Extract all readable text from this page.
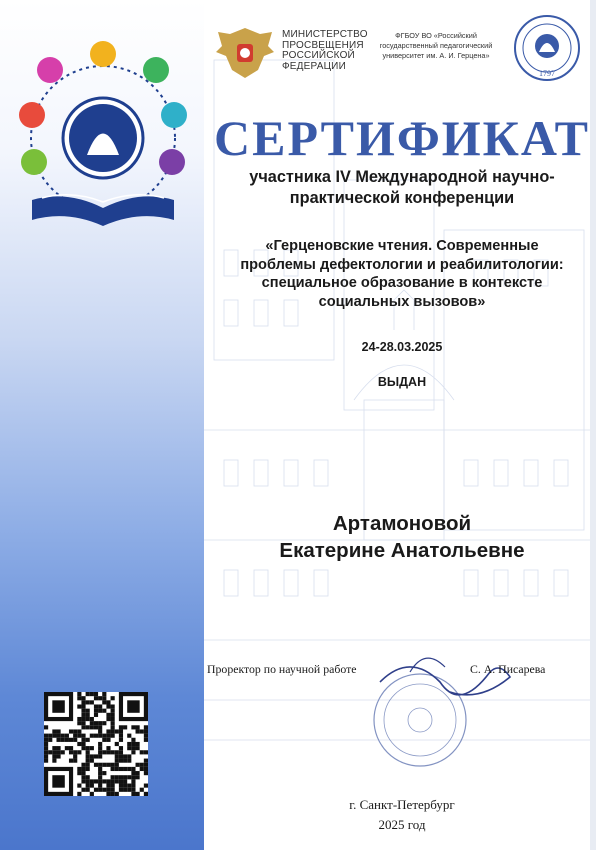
МИНИСТЕРСТВО
ПРОСВЕЩЕНИЯ
РОССИЙСКОЙ
ФЕДЕРАЦИИ
ФГБОУ ВО «Российский
государственный педагогический
университет им. А. И. Герцена»
1797
СЕРТИФИКАТ
участника IV Международной научно-
практической конференции
«Герценовские чтения. Современные
проблемы дефектологии и реабилитологии:
специальное образование в контексте
социальных вызовов»
24-28.03.2025
ВЫДАН
Артамоновой
Екатерине Анатольевне
Проректор по научной работе	С. А. Писарева
г. Санкт-Петербург
2025 год
